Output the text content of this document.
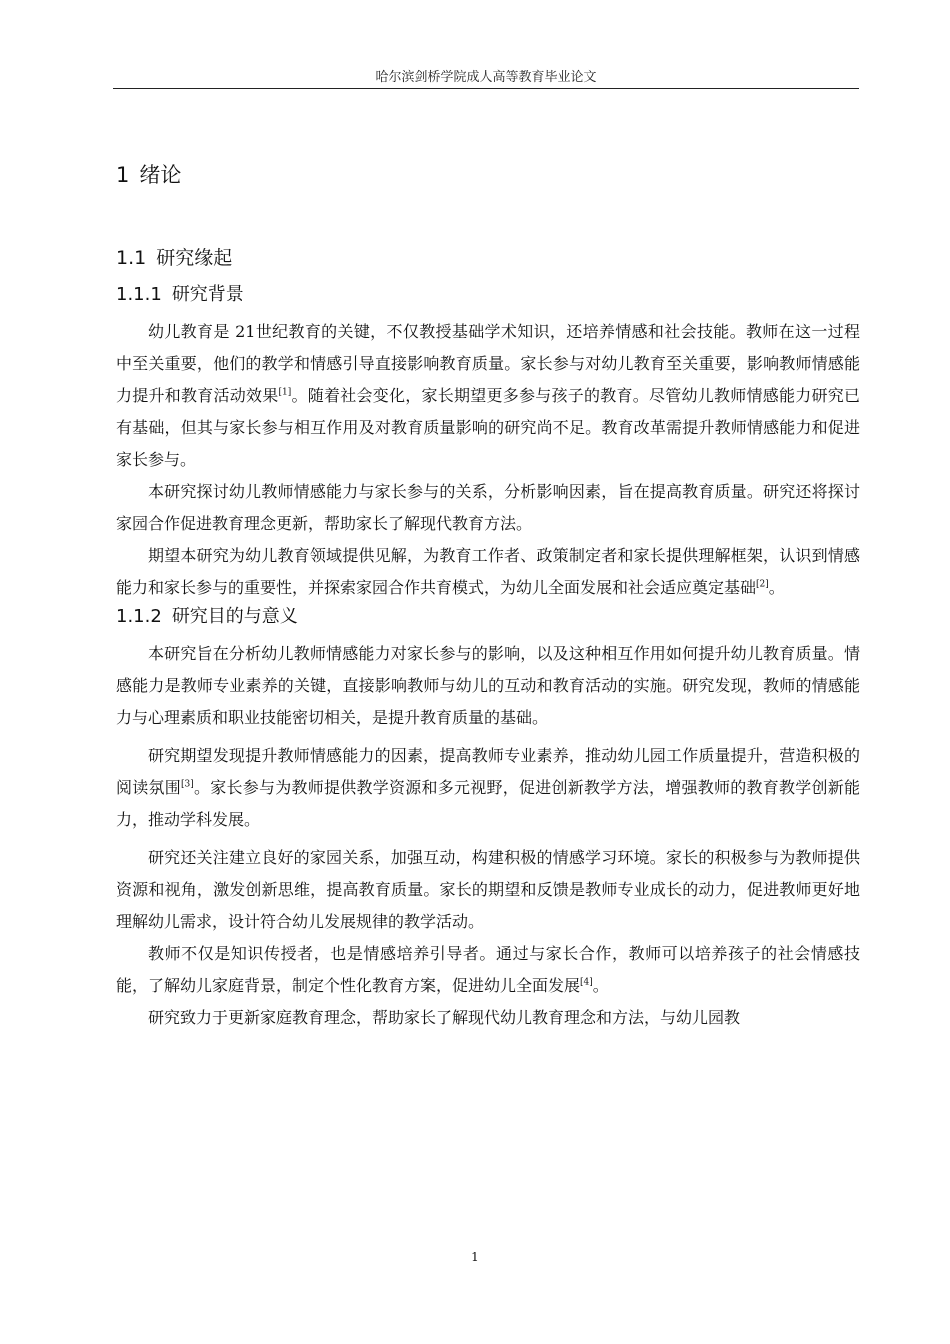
哈尔滨剑桥学院成人高等教育毕业论文
1 绪论
1.1 研究缘起
1.1.1 研究背景

幼儿教育是 21世纪教育的关键，不仅教授基础学术知识，还培养情感和社会技能。教师在这一过程中至关重要，他们的教学和情感引导直接影响教育质量。家长参与对幼儿教育至关重要，影响教师情感能力提升和教育活动效果[1]。随着社会变化，家长期望更多参与孩子的教育。尽管幼儿教师情感能力研究已有基础，但其与家长参与相互作用及对教育质量影响的研究尚不足。教育改革需提升教师情感能力和促进家长参与。

本研究探讨幼儿教师情感能力与家长参与的关系，分析影响因素，旨在提高教育质量。研究还将探讨家园合作促进教育理念更新，帮助家长了解现代教育方法。

期望本研究为幼儿教育领域提供见解，为教育工作者、政策制定者和家长提供理解框架，认识到情感能力和家长参与的重要性，并探索家园合作共育模式，为幼儿全面发展和社会适应奠定基础[2]。

1.1.2 研究目的与意义

本研究旨在分析幼儿教师情感能力对家长参与的影响，以及这种相互作用如何提升幼儿教育质量。情感能力是教师专业素养的关键，直接影响教师与幼儿的互动和教育活动的实施。研究发现，教师的情感能力与心理素质和职业技能密切相关，是提升教育质量的基础。

研究期望发现提升教师情感能力的因素，提高教师专业素养，推动幼儿园工作质量提升，营造积极的阅读氛围[3]。家长参与为教师提供教学资源和多元视野，促进创新教学方法，增强教师的教育教学创新能力，推动学科发展。

研究还关注建立良好的家园关系，加强互动，构建积极的情感学习环境。家长的积极参与为教师提供资源和视角，激发创新思维，提高教育质量。家长的期望和反馈是教师专业成长的动力，促进教师更好地理解幼儿需求，设计符合幼儿发展规律的教学活动。

教师不仅是知识传授者，也是情感培养引导者。通过与家长合作，教师可以培养孩子的社会情感技能，了解幼儿家庭背景，制定个性化教育方案，促进幼儿全面发展[4]。

研究致力于更新家庭教育理念，帮助家长了解现代幼儿教育理念和方法，与幼儿园教

1
